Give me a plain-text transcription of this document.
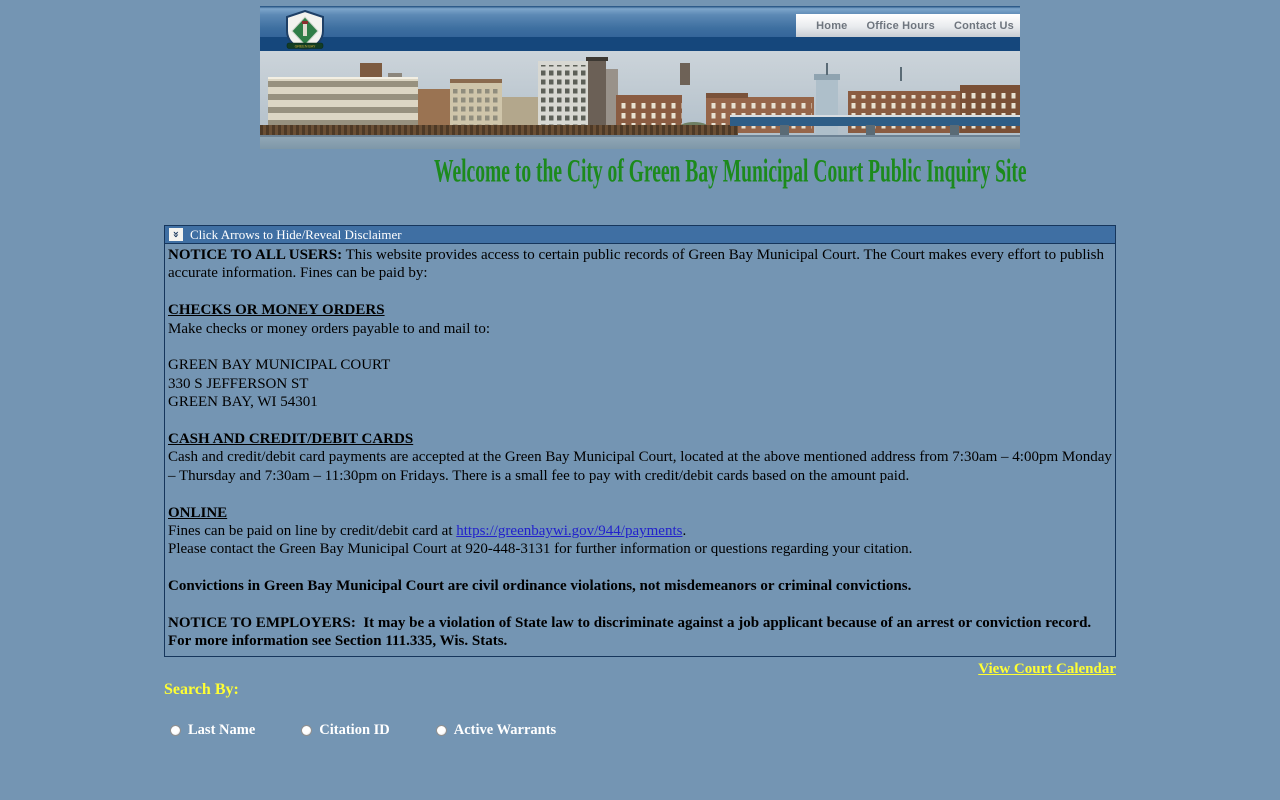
Home Office Hours Contact Us
GREEN BAY
Welcome to the City of Green Bay Municipal Court Public Inquiry Site
« Click Arrows to Hide/Reveal Disclaimer
NOTICE TO ALL USERS: This website provides access to certain public records of Green Bay Municipal Court. The Court makes every effort to publish accurate information. Fines can be paid by:
CHECKS OR MONEY ORDERS
Make checks or money orders payable to and mail to:
GREEN BAY MUNICIPAL COURT
330 S JEFFERSON ST
GREEN BAY, WI 54301
CASH AND CREDIT/DEBIT CARDS
Cash and credit/debit card payments are accepted at the Green Bay Municipal Court, located at the above mentioned address from 7:30am – 4:00pm Monday – Thursday and 7:30am – 11:30pm on Fridays. There is a small fee to pay with credit/debit cards based on the amount paid.
ONLINE
Fines can be paid on line by credit/debit card at https://greenbaywi.gov/944/payments.
Please contact the Green Bay Municipal Court at 920-448-3131 for further information or questions regarding your citation.
Convictions in Green Bay Municipal Court are civil ordinance violations, not misdemeanors or criminal convictions.
NOTICE TO EMPLOYERS:  It may be a violation of State law to discriminate against a job applicant because of an arrest or conviction record. For more information see Section 111.335, Wis. Stats.
View Court Calendar
Search By:
Last Name	Citation ID	Active Warrants
